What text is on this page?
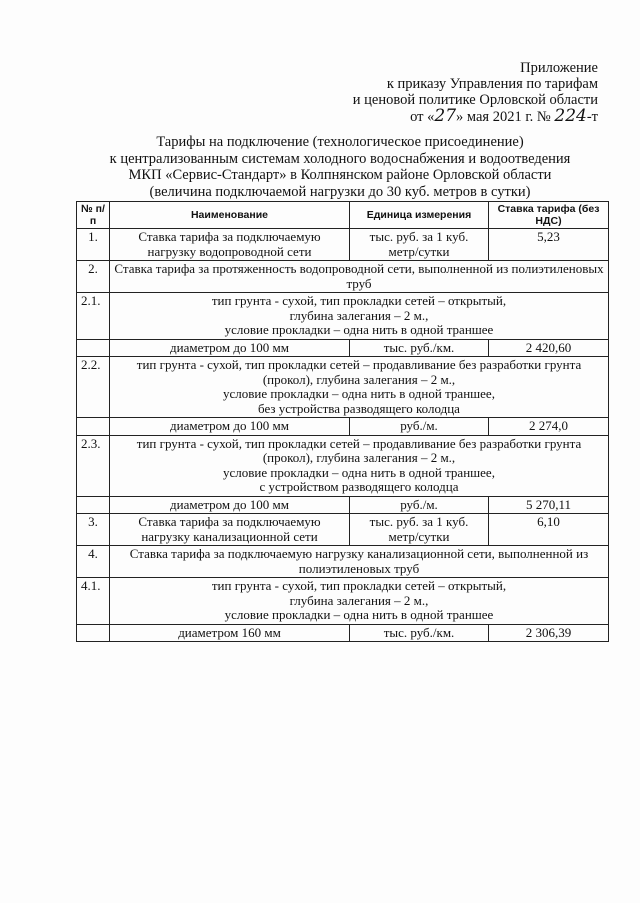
Приложение
к приказу Управления по тарифам
и ценовой политике Орловской области
от «27» мая 2021 г. № 224-т
Тарифы на подключение (технологическое присоединение)
к централизованным системам холодного водоснабжения и водоотведения
МКП «Сервис-Стандарт» в Колпнянском районе Орловской области
(величина подключаемой нагрузки до 30 куб. метров в сутки)
№ п/п	Наименование	Единица измерения	Ставка тарифа (без НДС)
1.	Ставка тарифа за подключаемую нагрузку водопроводной сети	тыс. руб. за 1 куб. метр/сутки	5,23
2.	Ставка тарифа за протяженность водопроводной сети, выполненной из полиэтиленовых труб		
2.1.	тип грунта - сухой, тип прокладки сетей – открытый,
глубина залегания – 2 м.,
условие прокладки – одна нить в одной траншее		

	диаметром до 100 мм	тыс. руб./км.	2 420,60
2.2.	тип грунта - сухой, тип прокладки сетей – продавливание без разработки грунта
(прокол), глубина залегания – 2 м.,
условие прокладки – одна нить в одной траншее,
без устройства разводящего колодца		

	диаметром до 100 мм	руб./м.	2 274,0
2.3.	тип грунта - сухой, тип прокладки сетей – продавливание без разработки грунта
(прокол), глубина залегания – 2 м.,
условие прокладки – одна нить в одной траншее,
с устройством разводящего колодца		

	диаметром до 100 мм	руб./м.	5 270,11
3.	Ставка тарифа за подключаемую нагрузку канализационной сети	тыс. руб. за 1 куб. метр/сутки	6,10
4.	Ставка тарифа за подключаемую нагрузку канализационной сети, выполненной из полиэтиленовых труб		
4.1.	тип грунта - сухой, тип прокладки сетей – открытый,
глубина залегания – 2 м.,
условие прокладки – одна нить в одной траншее		

	диаметром 160 мм	тыс. руб./км.	2 306,39
